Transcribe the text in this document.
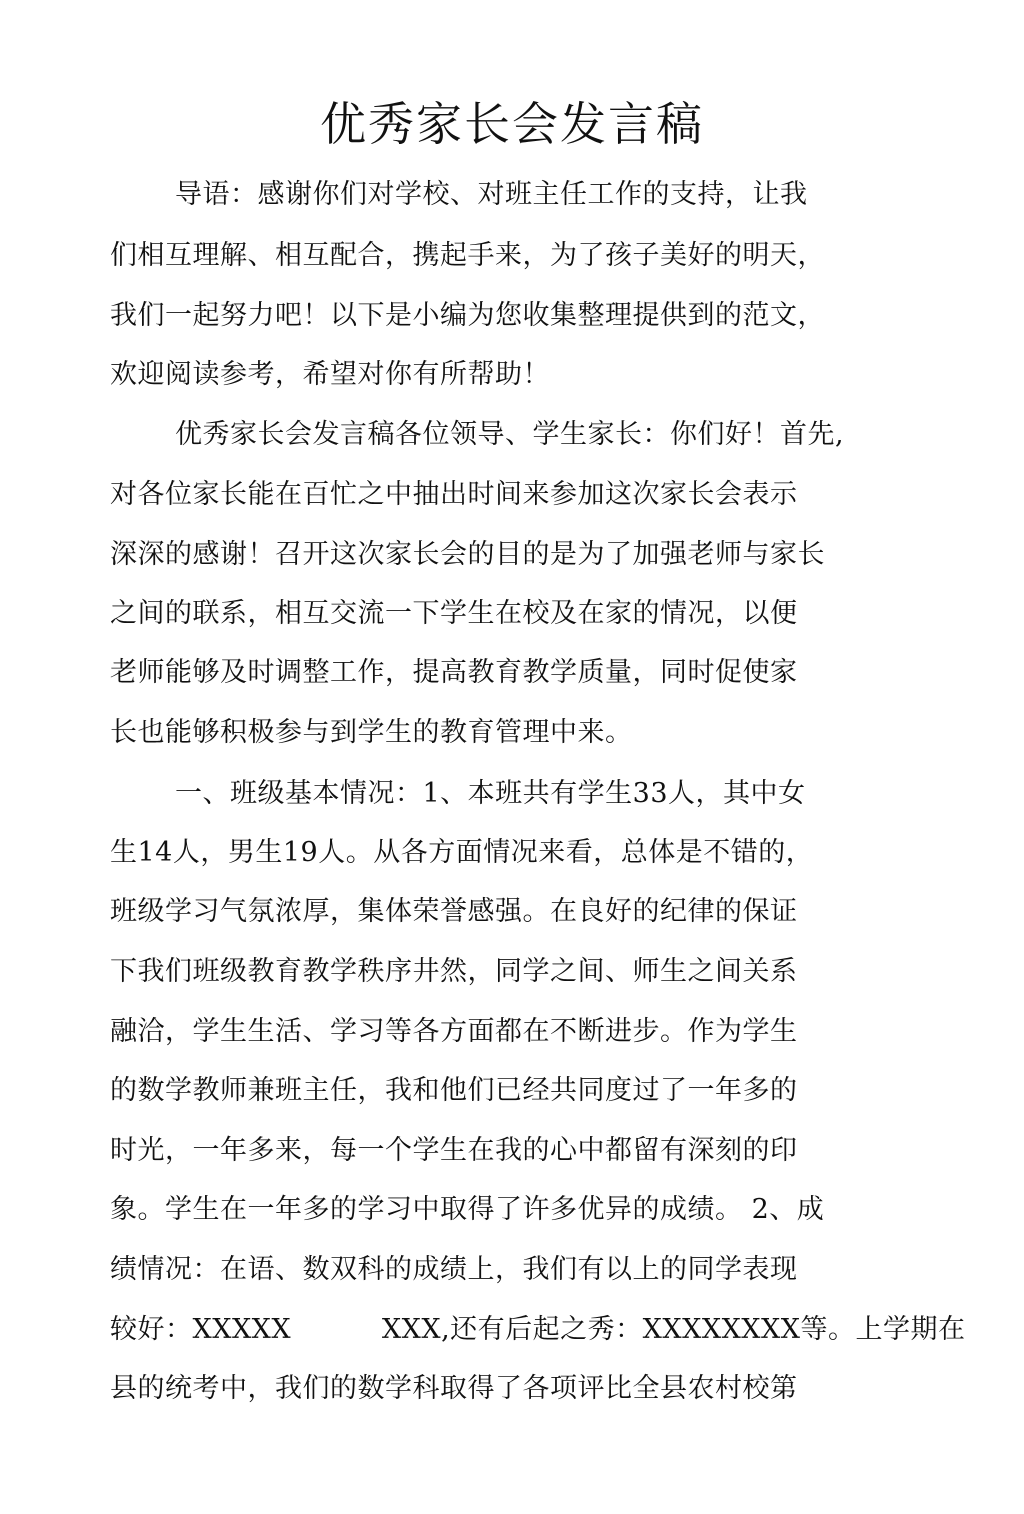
优秀家长会发言稿
导语：感谢你们对学校、对班主任工作的支持，让我
们相互理解、相互配合，携起手来，为了孩子美好的明天，
我们一起努力吧！以下是小编为您收集整理提供到的范文，
欢迎阅读参考，希望对你有所帮助！
优秀家长会发言稿各位领导、学生家长：你们好！首先,
对各位家长能在百忙之中抽出时间来参加这次家长会表示
深深的感谢！召开这次家长会的目的是为了加强老师与家长
之间的联系，相互交流一下学生在校及在家的情况，以便
老师能够及时调整工作，提高教育教学质量，同时促使家
长也能够积极参与到学生的教育管理中来。
一、班级基本情况：1、本班共有学生33人，其中女
生14人，男生19人。从各方面情况来看，总体是不错的，
班级学习气氛浓厚，集体荣誉感强。在良好的纪律的保证
下我们班级教育教学秩序井然，同学之间、师生之间关系
融洽，学生生活、学习等各方面都在不断进步。作为学生
的数学教师兼班主任，我和他们已经共同度过了一年多的
时光，一年多来，每一个学生在我的心中都留有深刻的印
象。学生在一年多的学习中取得了许多优异的成绩。 2、成
绩情况：在语、数双科的成绩上，我们有以上的同学表现
较好：XXXXX          XXX,还有后起之秀：XXXXXXXX等。上学期在
县的统考中，我们的数学科取得了各项评比全县农村校第
